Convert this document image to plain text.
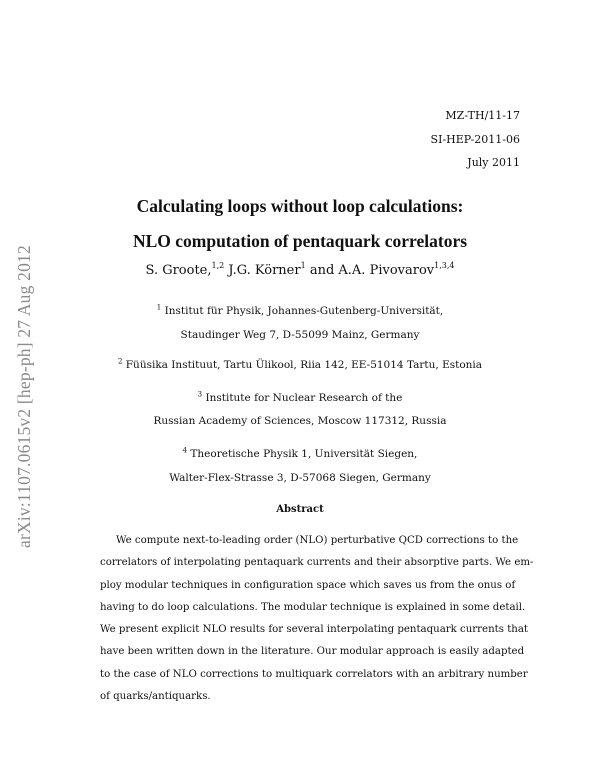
arXiv:1107.0615v2 [hep-ph] 27 Aug 2012
MZ-TH/11-17
SI-HEP-2011-06
July 2011
Calculating loops without loop calculations:
NLO computation of pentaquark correlators
S. Groote,$^{1,2}$ J.G. Körner$^1$ and A.A. Pivovarov$^{1,3,4}$
$^1$ Institut für Physik, Johannes-Gutenberg-Universität,
Staudinger Weg 7, D-55099 Mainz, Germany
$^2$ Füüsika Instituut, Tartu Ülikool, Riia 142, EE-51014 Tartu, Estonia
$^3$ Institute for Nuclear Research of the
Russian Academy of Sciences, Moscow 117312, Russia
$^4$ Theoretische Physik 1, Universität Siegen,
Walter-Flex-Strasse 3, D-57068 Siegen, Germany
Abstract
We compute next-to-leading order (NLO) perturbative QCD corrections to the
correlators of interpolating pentaquark currents and their absorptive parts. We em-
ploy modular techniques in configuration space which saves us from the onus of
having to do loop calculations. The modular technique is explained in some detail.
We present explicit NLO results for several interpolating pentaquark currents that
have been written down in the literature. Our modular approach is easily adapted
to the case of NLO corrections to multiquark correlators with an arbitrary number
of quarks/antiquarks.
